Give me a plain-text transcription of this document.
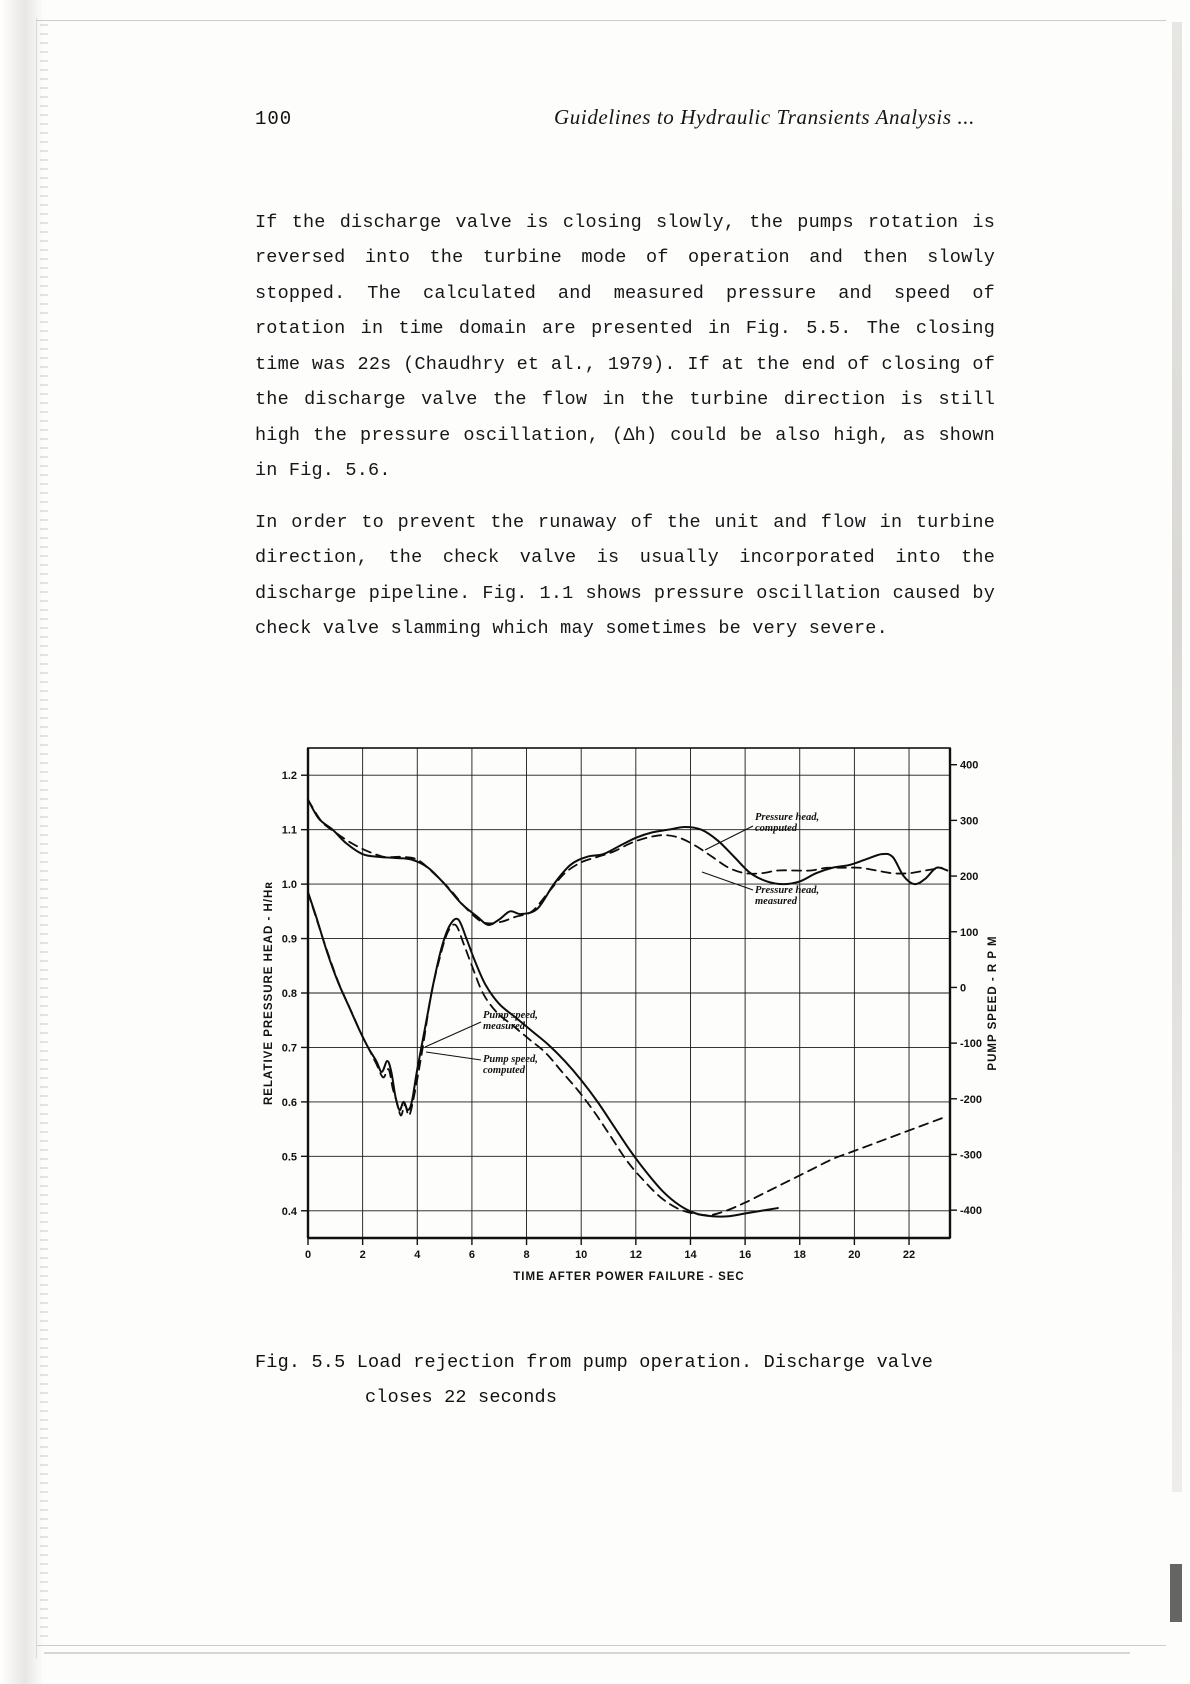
100	Guidelines to Hydraulic Transients Analysis ...

If the discharge valve is closing slowly, the pumps rotation is reversed into the turbine mode of operation and then slowly stopped. The calculated and measured pressure and speed of rotation in time domain are presented in Fig. 5.5. The closing time was 22s (Chaudhry et al., 1979). If at the end of closing of the discharge valve the flow in the turbine direction is still high the pressure oscillation, (Δh) could be also high, as shown in Fig. 5.6.

In order to prevent the runaway of the unit and flow in turbine direction, the check valve is usually incorporated into the discharge pipeline. Fig. 1.1 shows pressure oscillation caused by check valve slamming which may sometimes be very severe.

0.4
0.5
0.6
0.7
0.8
0.9
1.0
1.1
1.2
-400
-300
-200
-100
0
100
200
300
400
0	2	4	6	8	10	12	14	16	18	20	22
TIME AFTER POWER FAILURE - SEC
RELATIVE PRESSURE HEAD - H/Hʀ	PUMP SPEED - R P M
Pressure head, computed
Pressure head, measured
Pump speed, measured
Pump speed, computed
Fig. 5.5 Load rejection from pump operation. Discharge valve
closes 22 seconds
